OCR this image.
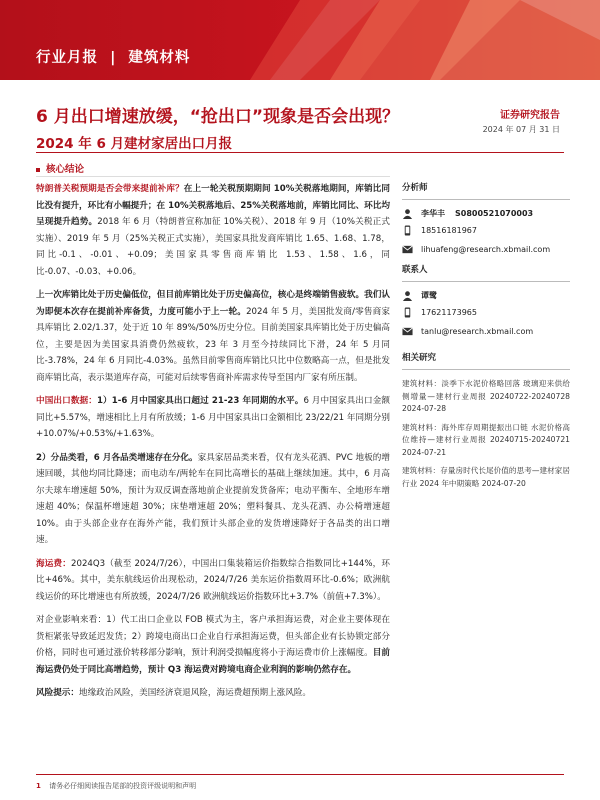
行业月报 | 建筑材料
6 月出口增速放缓，“抢出口”现象是否会出现？
2024 年 6 月建材家居出口月报
证券研究报告
2024 年 07 月 31 日
核心结论

特朗普关税预期是否会带来提前补库？在上一轮关税预期期间 10%关税落地期间，库销比同比没有提升，环比有小幅提升；在 10%关税落地后、25%关税落地前，库销比同比、环比均呈现提升趋势。2018 年 6 月（特朗普宣称加征 10%关税）、2018 年 9 月（10%关税正式实施）、2019 年 5 月（25%关税正式实施），美国家具批发商库销比 1.65、1.68、1.78，同比-0.1、-0.01、+0.09；美国家具零售商库销比 1.53、1.58、1.6，同比-0.07、-0.03、+0.06。

上一次库销比处于历史偏低位，但目前库销比处于历史偏高位，核心是终端销售疲软。我们认为即便本次存在提前补库备货，力度可能小于上一轮。2024 年 5 月，美国批发商/零售商家具库销比 2.02/1.37，处于近 10 年 89%/50%历史分位。目前美国家具库销比处于历史偏高位，主要是因为美国家具消费仍然疲软，23 年 3 月至今持续同比下滑，24 年 5 月同比-3.78%，24 年 6 月同比-4.03%。虽然目前零售商库销比只比中位数略高一点，但是批发商库销比高，表示渠道库存高，可能对后续零售商补库需求传导至国内厂家有所压制。

中国出口数据：1）1-6 月中国家具出口超过 21-23 年同期的水平。6 月中国家具出口金额同比+5.57%，增速相比上月有所放缓；1-6 月中国家具出口金额相比 23/22/21 年同期分别+10.07%/+0.53%/+1.63%。

2）分品类看，6 月各品类增速存在分化。家具家居品类来看，仅有龙头花洒、PVC 地板的增速回暖，其他均同比降速；而电动车/两轮车在同比高增长的基础上继续加速。其中，6 月高尔夫球车增速超 50%，预计为双反调查落地前企业提前发货备库；电动平衡车、全地形车增速超 40%；保温杯增速超 30%；床垫增速超 20%；塑料餐具、龙头花洒、办公椅增速超 10%。由于头部企业存在海外产能，我们预计头部企业的发货增速降好于各品类的出口增速。

海运费：2024Q3（截至 2024/7/26），中国出口集装箱运价指数综合指数同比+144%，环比+46%。其中，美东航线运价出现松动，2024/7/26 美东运价指数周环比-0.6%；欧洲航线运价的环比增速也有所放缓，2024/7/26 欧洲航线运价指数环比+3.7%（前值+7.3%）。

对企业影响来看：1）代工出口企业以 FOB 模式为主，客户承担海运费，对企业主要体现在货柜紧张导致延迟发货；2）跨境电商出口企业自行承担海运费，但头部企业有长协锁定部分价格，同时也可通过涨价转移部分影响，预计利润受损幅度将小于海运费市价上涨幅度。目前海运费仍处于同比高增趋势，预计 Q3 海运费对跨境电商企业利润的影响仍然存在。

风险提示：地缘政治风险，美国经济衰退风险，海运费超预期上涨风险。

分析师
李华丰 S0800521070003
18516181967
lihuafeng@research.xbmail.com
联系人
谭鹭
17621173965
tanlu@research.xbmail.com
相关研究
建筑材料：淡季下水泥价格略回落 玻璃迎来供给侧增量—建材行业周报 20240722-20240728 2024-07-28
建筑材料：海外库存周期提振出口链 水泥价格高位维持—建材行业周报 20240715-20240721 2024-07-21
建筑材料：存量房时代长尾价值的思考—建材家居行业 2024 年中期策略 2024-07-20
1 请务必仔细阅读报告尾部的投资评级说明和声明
